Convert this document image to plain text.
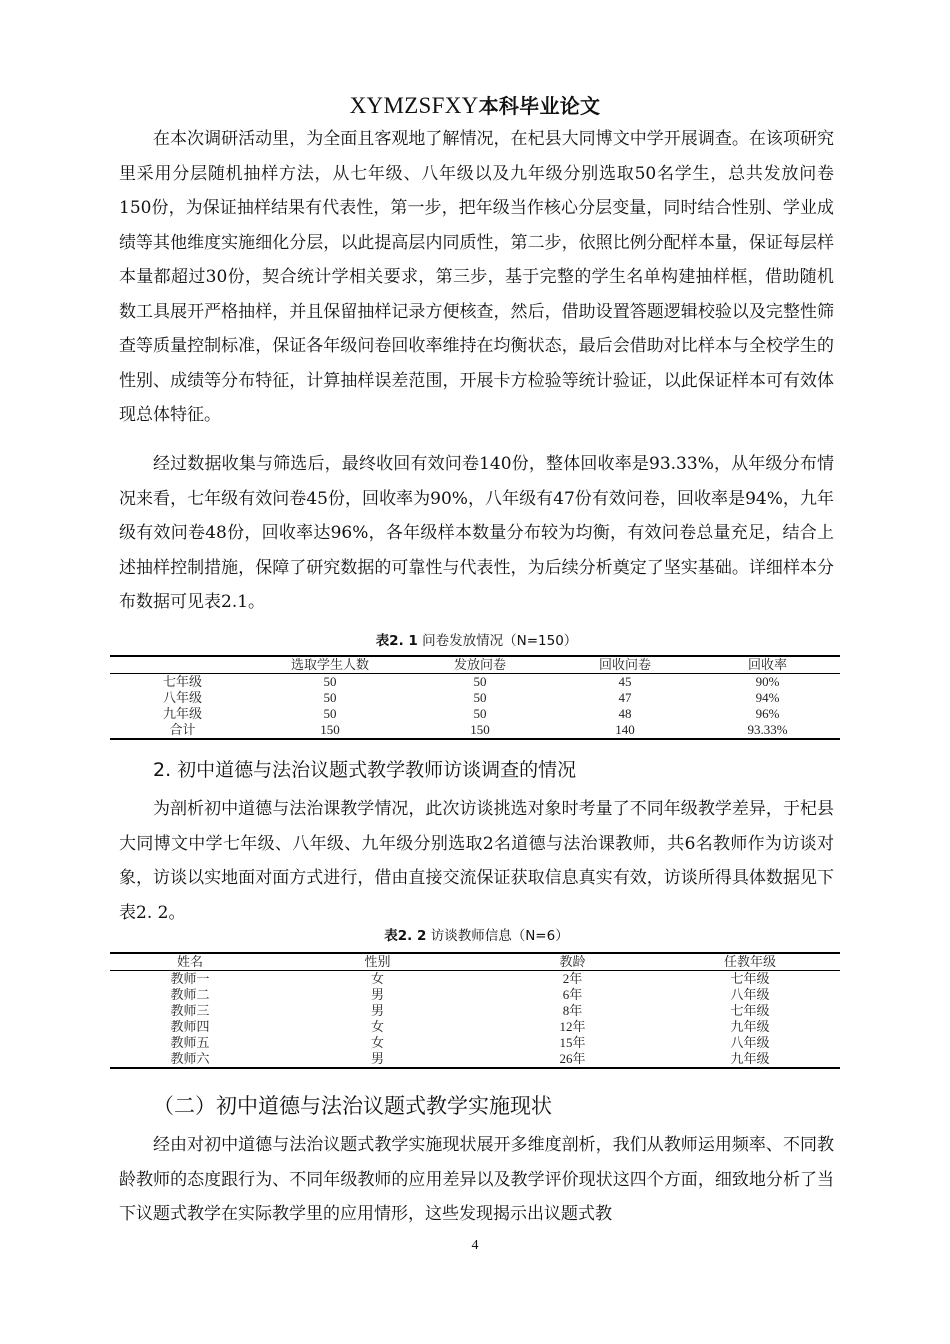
XYMZSFXY本科毕业论文

在本次调研活动里，为全面且客观地了解情况，在杞县大同博文中学开展调查。在该项研究里采用分层随机抽样方法，从七年级、八年级以及九年级分别选取50名学生，总共发放问卷150份，为保证抽样结果有代表性，第一步，把年级当作核心分层变量，同时结合性别、学业成绩等其他维度实施细化分层，以此提高层内同质性，第二步，依照比例分配样本量，保证每层样本量都超过30份，契合统计学相关要求，第三步，基于完整的学生名单构建抽样框，借助随机数工具展开严格抽样，并且保留抽样记录方便核查，然后，借助设置答题逻辑校验以及完整性筛查等质量控制标准，保证各年级问卷回收率维持在均衡状态，最后会借助对比样本与全校学生的性别、成绩等分布特征，计算抽样误差范围，开展卡方检验等统计验证，以此保证样本可有效体现总体特征。

经过数据收集与筛选后，最终收回有效问卷140份，整体回收率是93.33%，从年级分布情况来看，七年级有效问卷45份，回收率为90%，八年级有47份有效问卷，回收率是94%，九年级有效问卷48份，回收率达96%，各年级样本数量分布较为均衡，有效问卷总量充足，结合上述抽样控制措施，保障了研究数据的可靠性与代表性，为后续分析奠定了坚实基础。详细样本分布数据可见表2.1。

表2. 1 问卷发放情况（N=150）
	选取学生人数	发放问卷	回收问卷	回收率
七年级	50	50	45	90%
八年级	50	50	47	94%
九年级	50	50	48	96%
合计	150	150	140	93.33%
2. 初中道德与法治议题式教学教师访谈调查的情况

为剖析初中道德与法治课教学情况，此次访谈挑选对象时考量了不同年级教学差异，于杞县大同博文中学七年级、八年级、九年级分别选取2名道德与法治课教师，共6名教师作为访谈对象，访谈以实地面对面方式进行，借由直接交流保证获取信息真实有效，访谈所得具体数据见下表2. 2。

表2. 2 访谈教师信息（N=6）
姓名	性别	教龄	任教年级
教师一	女	2年	七年级
教师二	男	6年	八年级
教师三	男	8年	七年级
教师四	女	12年	九年级
教师五	女	15年	八年级
教师六	男	26年	九年级
（二）初中道德与法治议题式教学实施现状

经由对初中道德与法治议题式教学实施现状展开多维度剖析，我们从教师运用频率、不同教龄教师的态度跟行为、不同年级教师的应用差异以及教学评价现状这四个方面，细致地分析了当下议题式教学在实际教学里的应用情形，这些发现揭示出议题式教

4
